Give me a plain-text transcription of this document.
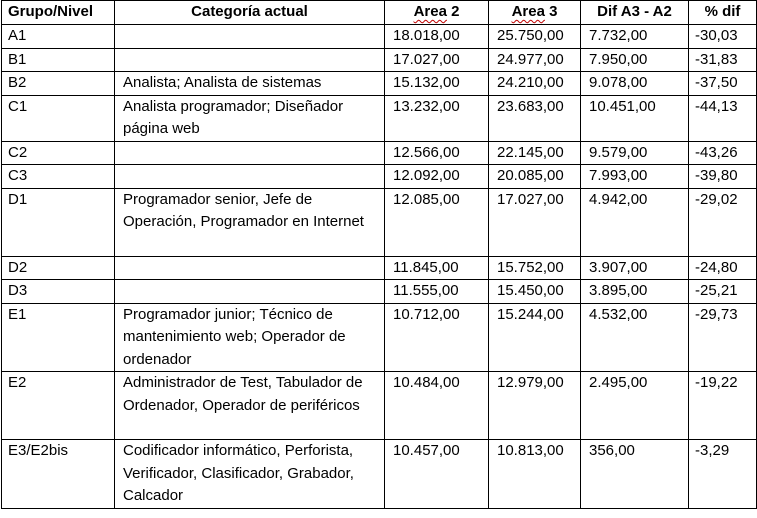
Grupo/Nivel	Categoría actual	Area 2	Area 3	Dif A3 - A2	% dif
A1		18.018,00	25.750,00	7.732,00	-30,03
B1		17.027,00	24.977,00	7.950,00	-31,83
B2	Analista; Analista de sistemas	15.132,00	24.210,00	9.078,00	-37,50
C1	Analista programador; Diseñador página web	13.232,00	23.683,00	10.451,00	-44,13
C2		12.566,00	22.145,00	9.579,00	-43,26
C3		12.092,00	20.085,00	7.993,00	-39,80
D1	Programador senior, Jefe de Operación, Programador en Internet	12.085,00	17.027,00	4.942,00	-29,02
D2		11.845,00	15.752,00	3.907,00	-24,80
D3		11.555,00	15.450,00	3.895,00	-25,21
E1	Programador junior; Técnico de mantenimiento web; Operador de ordenador	10.712,00	15.244,00	4.532,00	-29,73
E2	Administrador de Test, Tabulador de Ordenador, Operador de periféricos	10.484,00	12.979,00	2.495,00	-19,22
E3/E2bis	Codificador informático, Perforista, Verificador, Clasificador, Grabador, Calcador	10.457,00	10.813,00	356,00	-3,29
